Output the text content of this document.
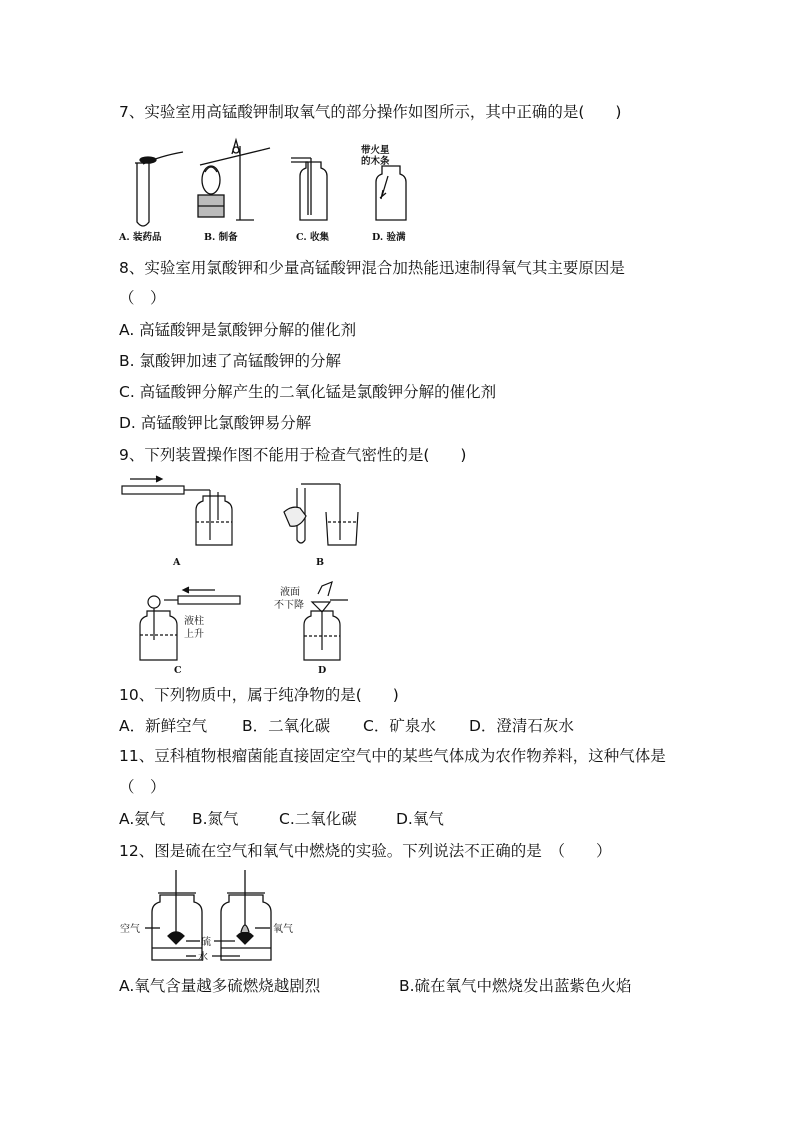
7、实验室用高锰酸钾制取氧气的部分操作如图所示，其中正确的是(　　)
A. 装药品	B. 制备	C. 收集	D. 验满
带火星
的木条
8、实验室用氯酸钾和少量高锰酸钾混合加热能迅速制得氧气其主要原因是
（　）
A. 高锰酸钾是氯酸钾分解的催化剂
B. 氯酸钾加速了高锰酸钾的分解
C. 高锰酸钾分解产生的二氧化锰是氯酸钾分解的催化剂
D. 高锰酸钾比氯酸钾易分解
9、下列装置操作图不能用于检查气密性的是(　　)
A	B
C	D
液柱
上升
液面
不下降
10、下列物质中，属于纯净物的是(　　)
A．新鲜空气 B．二氧化碳 C．矿泉水 D．澄清石灰水
11、豆科植物根瘤菌能直接固定空气中的某些气体成为农作物养料，这种气体是
（　）
A.氨气 B.氮气	C.二氧化碳	D.氧气
12、图是硫在空气和氧气中燃烧的实验。下列说法不正确的是　（　　）
空气	氧气
硫
水
A.氧气含量越多硫燃烧越剧烈	B.硫在氧气中燃烧发出蓝紫色火焰
